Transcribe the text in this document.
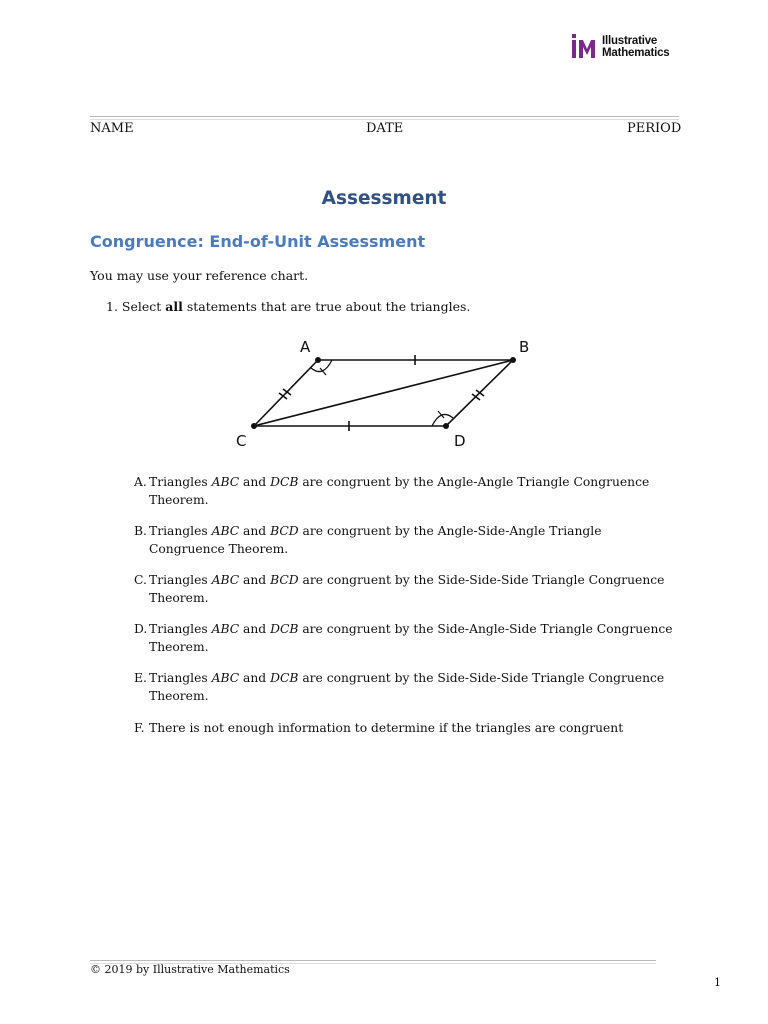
Illustrative
Mathematics
NAME	DATE	PERIOD
Assessment
Congruence: End-of-Unit Assessment
You may use your reference chart.
1. Select all statements that are true about the triangles.
A	B
C	D
A. Triangles ABC and DCB are congruent by the Angle-Angle Triangle Congruence
Theorem.
B. Triangles ABC and BCD are congruent by the Angle-Side-Angle Triangle
Congruence Theorem.
C. Triangles ABC and BCD are congruent by the Side-Side-Side Triangle Congruence
Theorem.
D. Triangles ABC and DCB are congruent by the Side-Angle-Side Triangle Congruence
Theorem.
E. Triangles ABC and DCB are congruent by the Side-Side-Side Triangle Congruence
Theorem.
F. There is not enough information to determine if the triangles are congruent
© 2019 by Illustrative Mathematics
1
